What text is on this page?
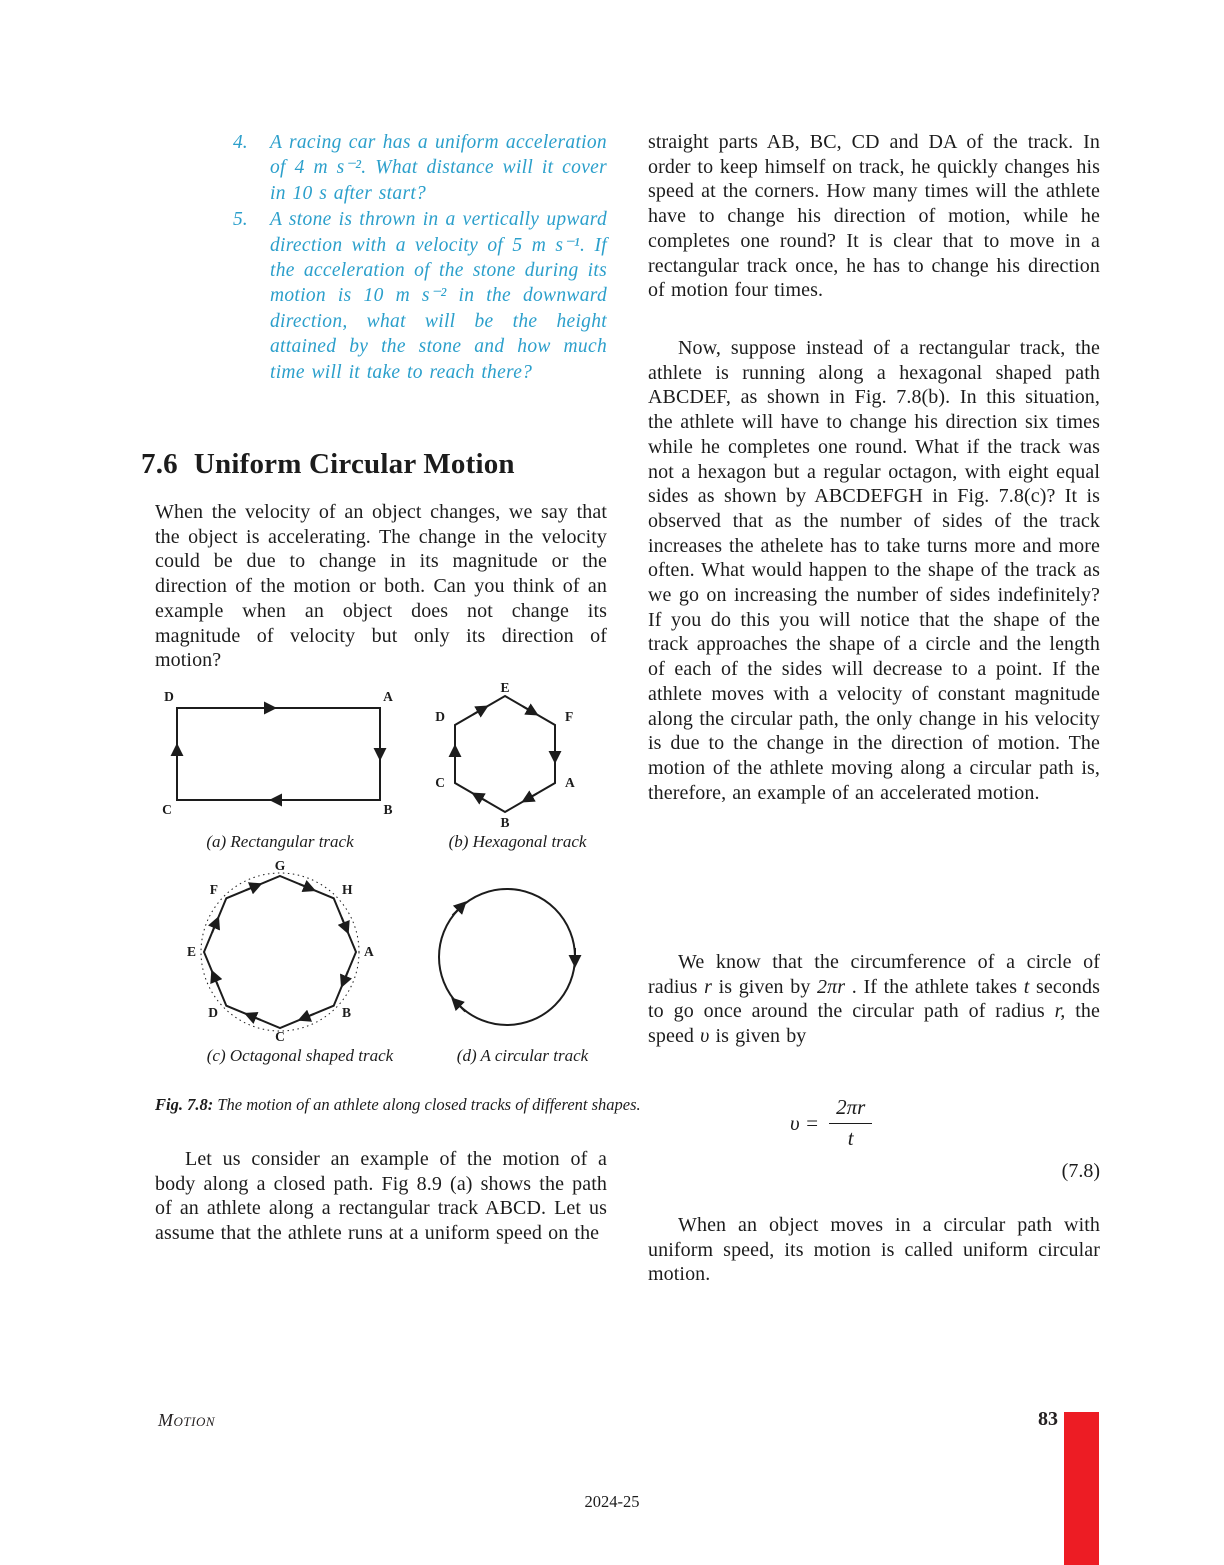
4.	A racing car has a uniform acceleration of 4 m s⁻². What distance will it cover in 10 s after start?
5.	A stone is thrown in a vertically upward direction with a velocity of 5 m s⁻¹. If the acceleration of the stone during its motion is 10 m s⁻² in the downward direction, what will be the height attained by the stone and how much time will it take to reach there?
7.6 Uniform Circular Motion
When the velocity of an object changes, we say that the object is accelerating. The change in the velocity could be due to change in its magnitude or the direction of the motion or both. Can you think of an example when an object does not change its magnitude of velocity but only its direction of motion?
D	A
C	B
E
F
A
B
C
D
(a) Rectangular track	(b) Hexagonal track
G
H
A
B
C
D
E
F
(c) Octagonal shaped track	(d) A circular track
Fig. 7.8: The motion of an athlete along closed tracks of different shapes.
Let us consider an example of the motion of a body along a closed path. Fig 8.9 (a) shows the path of an athlete along a rectangular track ABCD. Let us assume that the athlete runs at a uniform speed on the
straight parts AB, BC, CD and DA of the track. In order to keep himself on track, he quickly changes his speed at the corners. How many times will the athlete have to change his direction of motion, while he completes one round? It is clear that to move in a rectangular track once, he has to change his direction of motion four times.
Now, suppose instead of a rectangular track, the athlete is running along a hexagonal shaped path ABCDEF, as shown in Fig. 7.8(b). In this situation, the athlete will have to change his direction six times while he completes one round. What if the track was not a hexagon but a regular octagon, with eight equal sides as shown by ABCDEFGH in Fig. 7.8(c)? It is observed that as the number of sides of the track increases the athelete has to take turns more and more often. What would happen to the shape of the track as we go on increasing the number of sides indefinitely? If you do this you will notice that the shape of the track approaches the shape of a circle and the length of each of the sides will decrease to a point. If the athlete moves with a velocity of constant magnitude along the circular path, the only change in his velocity is due to the change in the direction of motion. The motion of the athlete moving along a circular path is, therefore, an example of an accelerated motion.
We know that the circumference of a circle of radius r is given by 2πr . If the athlete takes t seconds to go once around the circular path of radius r, the speed υ is given by
$\upsilon = \frac{2\pi r}{t}$
(7.8)
When an object moves in a circular path with uniform speed, its motion is called uniform circular motion.
Motion	83
2024-25
